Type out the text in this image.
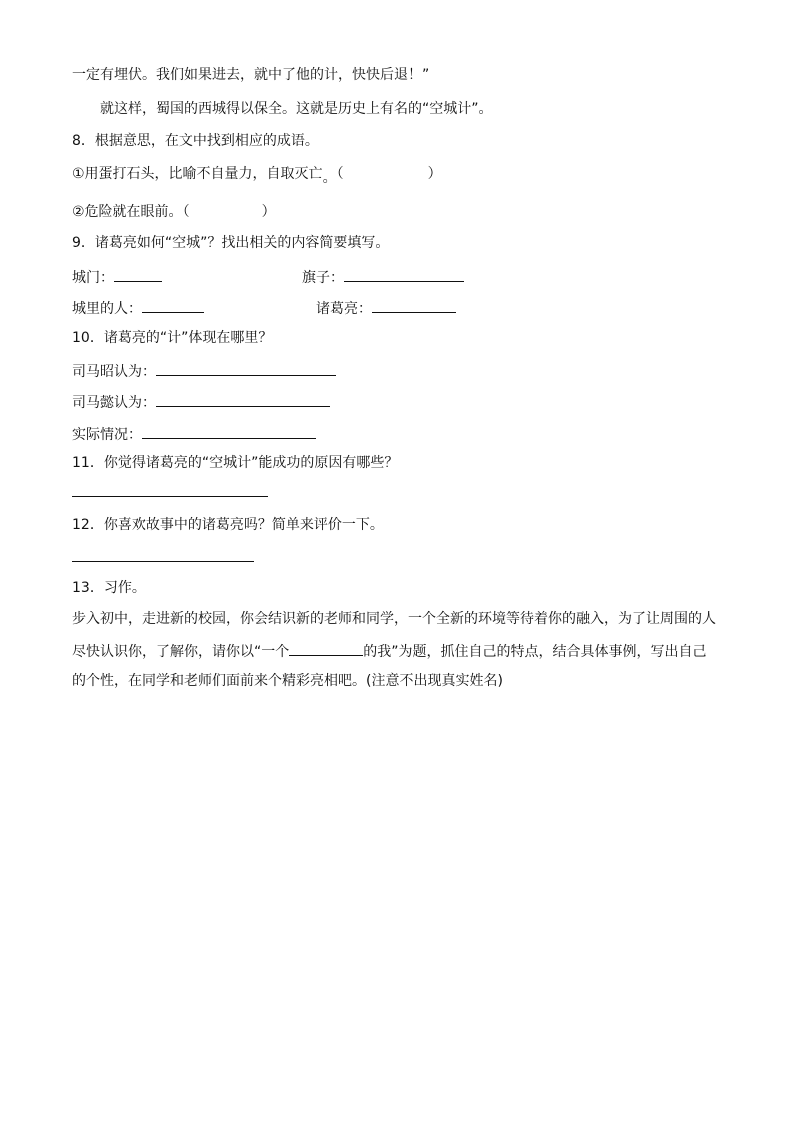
一定有埋伏。我们如果进去，就中了他的计，快快后退！”
就这样，蜀国的西城得以保全。这就是历史上有名的“空城计”。
8．根据意思，在文中找到相应的成语。
①用蛋打石头，比喻不自量力，自取灭亡。（	）
②危险就在眼前。（	）
9．诸葛亮如何“空城”？找出相关的内容简要填写。
城门：	旗子：
城里的人：	诸葛亮：
10．诸葛亮的“计”体现在哪里？
司马昭认为：
司马懿认为：
实际情况：
11．你觉得诸葛亮的“空城计”能成功的原因有哪些？
12．你喜欢故事中的诸葛亮吗？简单来评价一下。
13．习作。
步入初中，走进新的校园，你会结识新的老师和同学，一个全新的环境等待着你的融入，为了让周围的人
尽快认识你，了解你，请你以“一个	的我”为题，抓住自己的特点，结合具体事例，写出自己
的个性，在同学和老师们面前来个精彩亮相吧。(注意不出现真实姓名)
